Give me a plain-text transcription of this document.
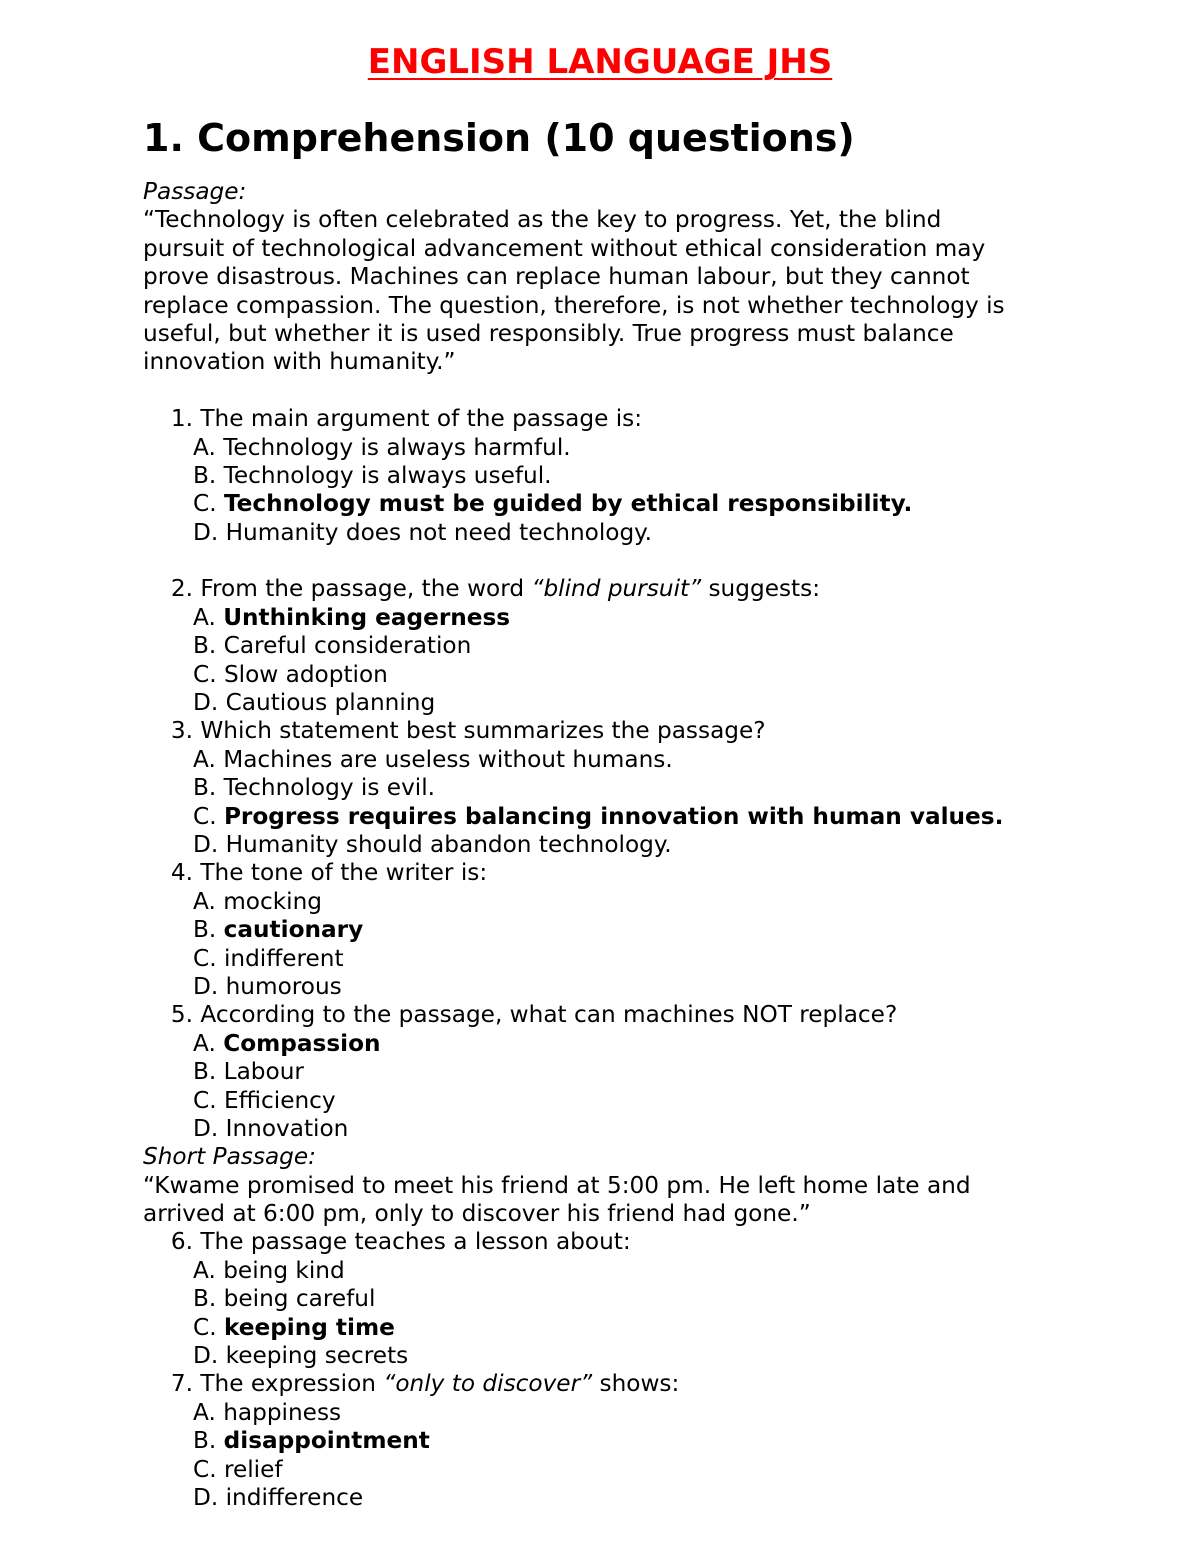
ENGLISH LANGUAGE JHS
1. Comprehension (10 questions)
Passage:
“Technology is often celebrated as the key to progress. Yet, the blind
pursuit of technological advancement without ethical consideration may
prove disastrous. Machines can replace human labour, but they cannot
replace compassion. The question, therefore, is not whether technology is
useful, but whether it is used responsibly. True progress must balance
innovation with humanity.”
1. The main argument of the passage is:
A. Technology is always harmful.
B. Technology is always useful.
C. Technology must be guided by ethical responsibility.
D. Humanity does not need technology.
2. From the passage, the word “blind pursuit” suggests:
A. Unthinking eagerness
B. Careful consideration
C. Slow adoption
D. Cautious planning
3. Which statement best summarizes the passage?
A. Machines are useless without humans.
B. Technology is evil.
C. Progress requires balancing innovation with human values.
D. Humanity should abandon technology.
4. The tone of the writer is:
A. mocking
B. cautionary
C. indifferent
D. humorous
5. According to the passage, what can machines NOT replace?
A. Compassion
B. Labour
C. Efficiency
D. Innovation
Short Passage:
“Kwame promised to meet his friend at 5:00 pm. He left home late and
arrived at 6:00 pm, only to discover his friend had gone.”
6. The passage teaches a lesson about:
A. being kind
B. being careful
C. keeping time
D. keeping secrets
7. The expression “only to discover” shows:
A. happiness
B. disappointment
C. relief
D. indifference
